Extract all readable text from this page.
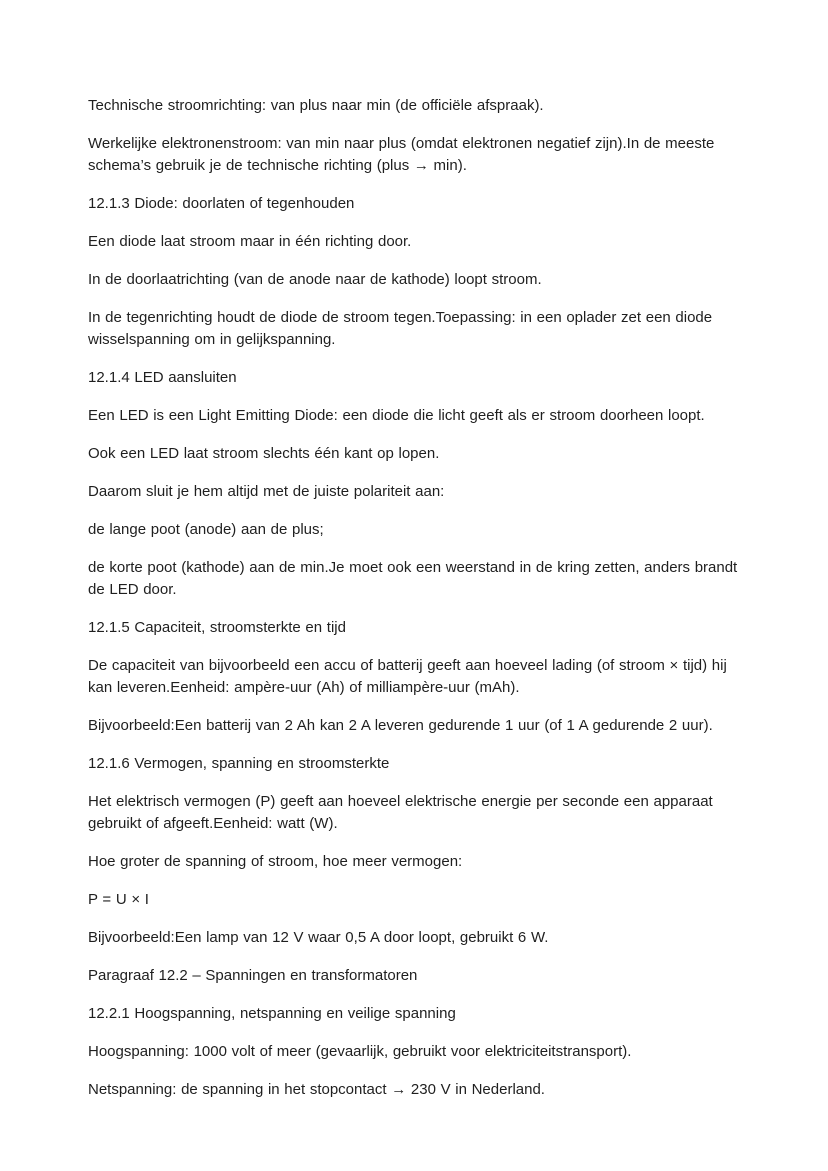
Technische stroomrichting: van plus naar min (de officiële afspraak).

Werkelijke elektronenstroom: van min naar plus (omdat elektronen negatief zijn).In de meeste schema’s gebruik je de technische richting (plus → min).

12.1.3 Diode: doorlaten of tegenhouden

Een diode laat stroom maar in één richting door.

In de doorlaatrichting (van de anode naar de kathode) loopt stroom.

In de tegenrichting houdt de diode de stroom tegen.Toepassing: in een oplader zet een diode wisselspanning om in gelijkspanning.

12.1.4 LED aansluiten

Een LED is een Light Emitting Diode: een diode die licht geeft als er stroom doorheen loopt.

Ook een LED laat stroom slechts één kant op lopen.

Daarom sluit je hem altijd met de juiste polariteit aan:

de lange poot (anode) aan de plus;

de korte poot (kathode) aan de min.Je moet ook een weerstand in de kring zetten, anders brandt de LED door.

12.1.5 Capaciteit, stroomsterkte en tijd

De capaciteit van bijvoorbeeld een accu of batterij geeft aan hoeveel lading (of stroom × tijd) hij kan leveren.Eenheid: ampère-uur (Ah) of milliampère-uur (mAh).

Bijvoorbeeld:Een batterij van 2 Ah kan 2 A leveren gedurende 1 uur (of 1 A gedurende 2 uur).

12.1.6 Vermogen, spanning en stroomsterkte

Het elektrisch vermogen (P) geeft aan hoeveel elektrische energie per seconde een apparaat gebruikt of afgeeft.Eenheid: watt (W).

Hoe groter de spanning of stroom, hoe meer vermogen:

P = U × I

Bijvoorbeeld:Een lamp van 12 V waar 0,5 A door loopt, gebruikt 6 W.

Paragraaf 12.2 – Spanningen en transformatoren

12.2.1 Hoogspanning, netspanning en veilige spanning

Hoogspanning: 1000 volt of meer (gevaarlijk, gebruikt voor elektriciteitstransport).

Netspanning: de spanning in het stopcontact → 230 V in Nederland.
